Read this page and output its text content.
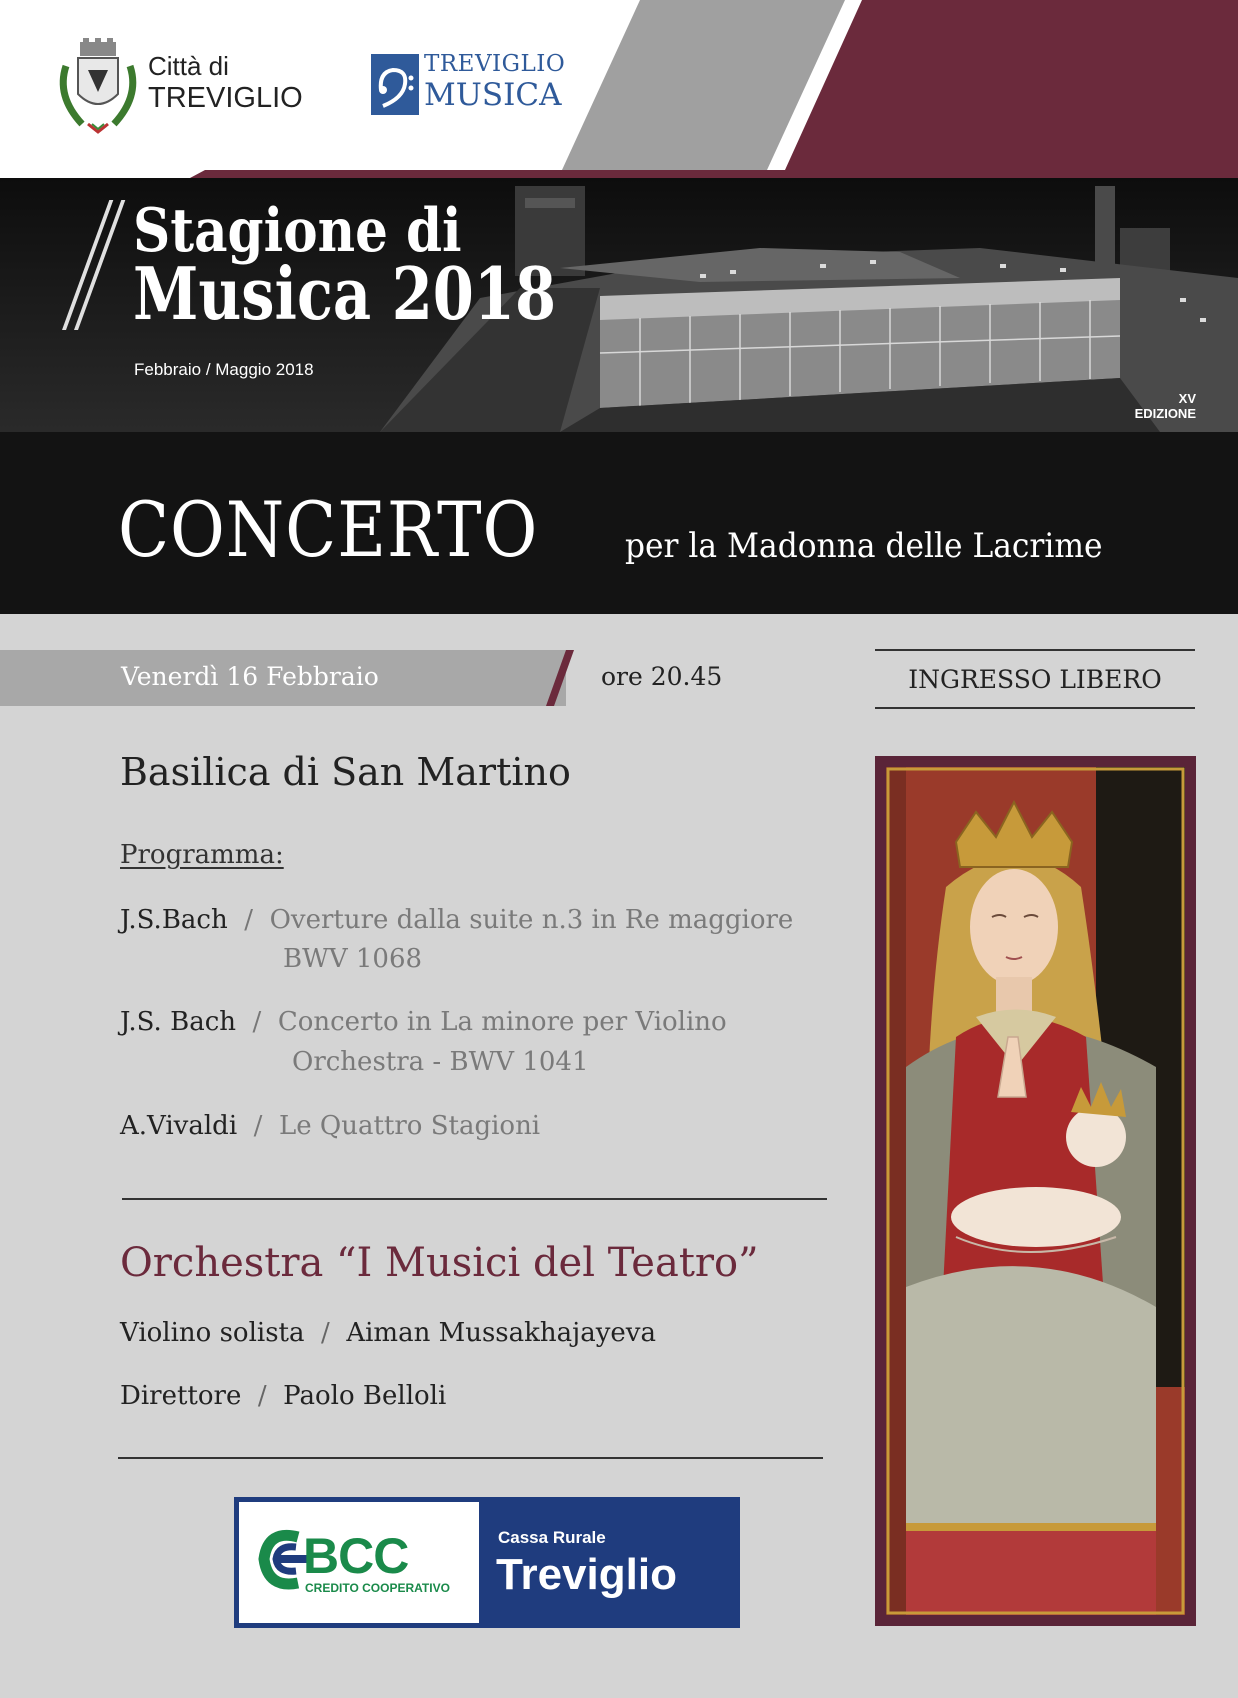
Città di
TREVIGLIO
TREVIGLIO
MUSICA
Stagione di
Musica 2018
Febbraio / Maggio 2018
XV
EDIZIONE
CONCERTO	per la Madonna delle Lacrime
Venerdì 16 Febbraio	ore 20.45	INGRESSO LIBERO
Basilica di San Martino
Programma:
J.S.Bach / Overture dalla suite n.3 in Re maggiore
BWV 1068
J.S. Bach / Concerto in La minore per Violino
Orchestra - BWV 1041
A.Vivaldi / Le Quattro Stagioni
Orchestra “I Musici del Teatro”
Violino solista / Aiman Mussakhajayeva
Direttore / Paolo Belloli
BCC
CREDITO COOPERATIVO
Cassa Rurale
Treviglio
